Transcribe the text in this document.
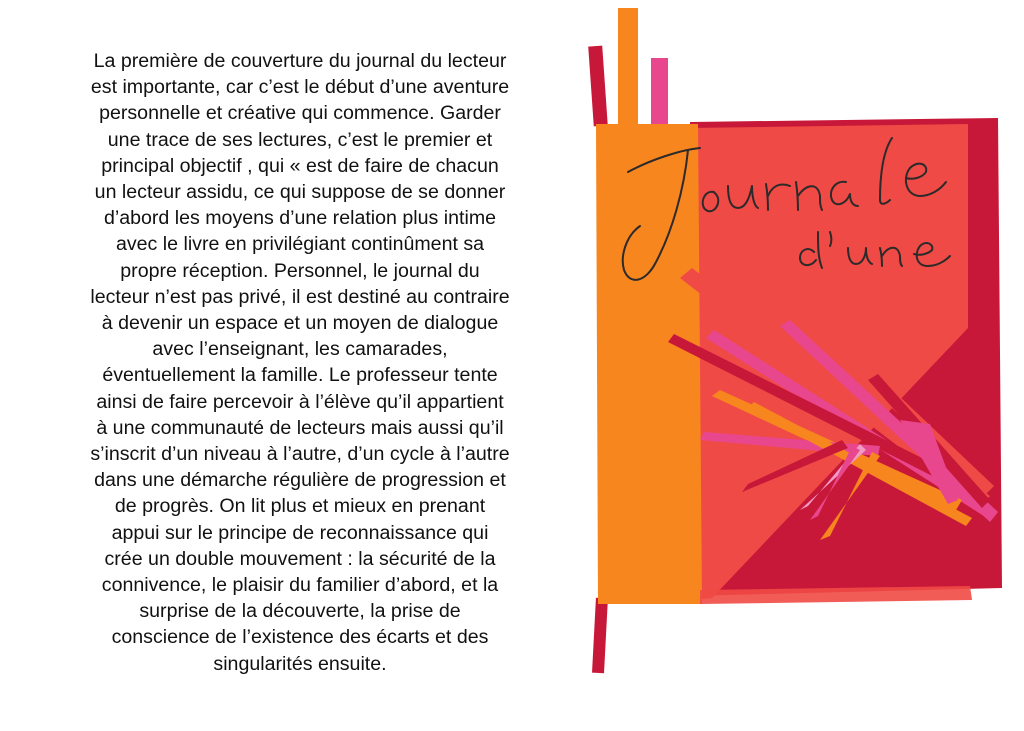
La première de couverture du journal du lecteur
est importante, car c’est le début d’une aventure
personnelle et créative qui commence. Garder
une trace de ses lectures, c’est le premier et
principal objectif , qui « est de faire de chacun
un lecteur assidu, ce qui suppose de se donner
d’abord les moyens d’une relation plus intime
avec le livre en privilégiant continûment sa
propre réception. Personnel, le journal du
lecteur n’est pas privé, il est destiné au contraire
à devenir un espace et un moyen de dialogue
avec l’enseignant, les camarades,
éventuellement la famille. Le professeur tente
ainsi de faire percevoir à l’élève qu’il appartient
à une communauté de lecteurs mais aussi qu’il
s’inscrit d’un niveau à l’autre, d’un cycle à l’autre
dans une démarche régulière de progression et
de progrès. On lit plus et mieux en prenant
appui sur le principe de reconnaissance qui
crée un double mouvement : la sécurité de la
connivence, le plaisir du familier d’abord, et la
surprise de la découverte, la prise de
conscience de l’existence des écarts et des
singularités ensuite.
